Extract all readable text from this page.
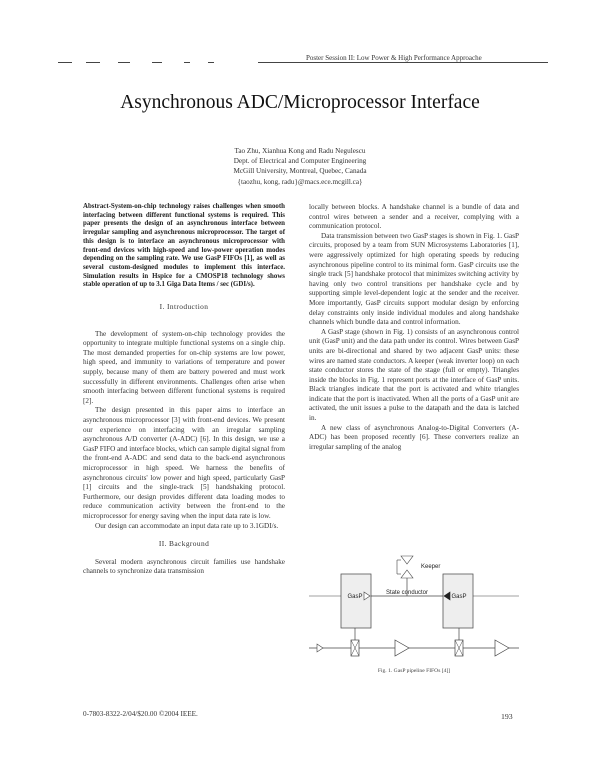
Poster Session II: Low Power & High Performance Approache
Asynchronous ADC/Microprocessor Interface
Tao Zhu, Xianhua Kong and Radu Negulescu
Dept. of Electrical and Computer Engineering
McGill University, Montreal, Quebec, Canada
{taozhu, kong, radu}@macs.ece.mcgill.ca}

Abstract-System-on-chip technology raises challenges when smooth interfacing between different functional systems is required. This paper presents the design of an asynchronous interface between irregular sampling and asynchronous microprocessor. The target of this design is to interface an asynchronous microprocessor with front-end devices with high-speed and low-power operation modes depending on the sampling rate. We use GasP FIFOs [1], as well as several custom-designed modules to implement this interface. Simulation results in Hspice for a CMOSP18 technology shows stable operation of up to 3.1 Giga Data Items / sec (GDI/s).

I. Introduction

The development of system-on-chip technology provides the opportunity to integrate multiple functional systems on a single chip. The most demanded properties for on-chip systems are low power, high speed, and immunity to variations of temperature and power supply, because many of them are battery powered and must work successfully in different environments. Challenges often arise when smooth interfacing between different functional systems is required [2].

The design presented in this paper aims to interface an asynchronous microprocessor [3] with front-end devices. We present our experience on interfacing with an irregular sampling asynchronous A/D converter (A-ADC) [6]. In this design, we use a GasP FIFO and interface blocks, which can sample digital signal from the front-end A-ADC and send data to the back-end asynchronous microprocessor in high speed. We harness the benefits of asynchronous circuits' low power and high speed, particularly GasP [1] circuits and the single-track [5] handshaking protocol. Furthermore, our design provides different data loading modes to reduce communication activity between the front-end to the microprocessor for energy saving when the input data rate is low.

Our design can accommodate an input data rate up to 3.1GDI/s.

II. Background

Several modern asynchronous circuit families use handshake channels to synchronize data transmission

locally between blocks. A handshake channel is a bundle of data and control wires between a sender and a receiver, complying with a communication protocol.

Data transmission between two GasP stages is shown in Fig. 1. GasP circuits, proposed by a team from SUN Microsystems Laboratories [1], were aggressively optimized for high operating speeds by reducing asynchronous pipeline control to its minimal form. GasP circuits use the single track [5] handshake protocol that minimizes switching activity by having only two control transitions per handshake cycle and by supporting simple level-dependent logic at the sender and the receiver. More importantly, GasP circuits support modular design by enforcing delay constraints only inside individual modules and along handshake channels which bundle data and control information.

A GasP stage (shown in Fig. 1) consists of an asynchronous control unit (GasP unit) and the data path under its control. Wires between GasP units are bi-directional and shared by two adjacent GasP units: these wires are named state conductors. A keeper (weak inverter loop) on each state conductor stores the state of the stage (full or empty). Triangles inside the blocks in Fig. 1 represent ports at the interface of GasP units. Black triangles indicate that the port is activated and white triangles indicate that the port is inactivated. When all the ports of a GasP unit are activated, the unit issues a pulse to the datapath and the data is latched in.

A new class of asynchronous Analog-to-Digital Converters (A-ADC) has been proposed recently [6]. These converters realize an irregular sampling of the analog

GasP	GasP
State conductor
Keeper
Fig. 1. GasP pipeline FIFOs [4]]
0-7803-8322-2/04/$20.00 ©2004 IEEE.	193
